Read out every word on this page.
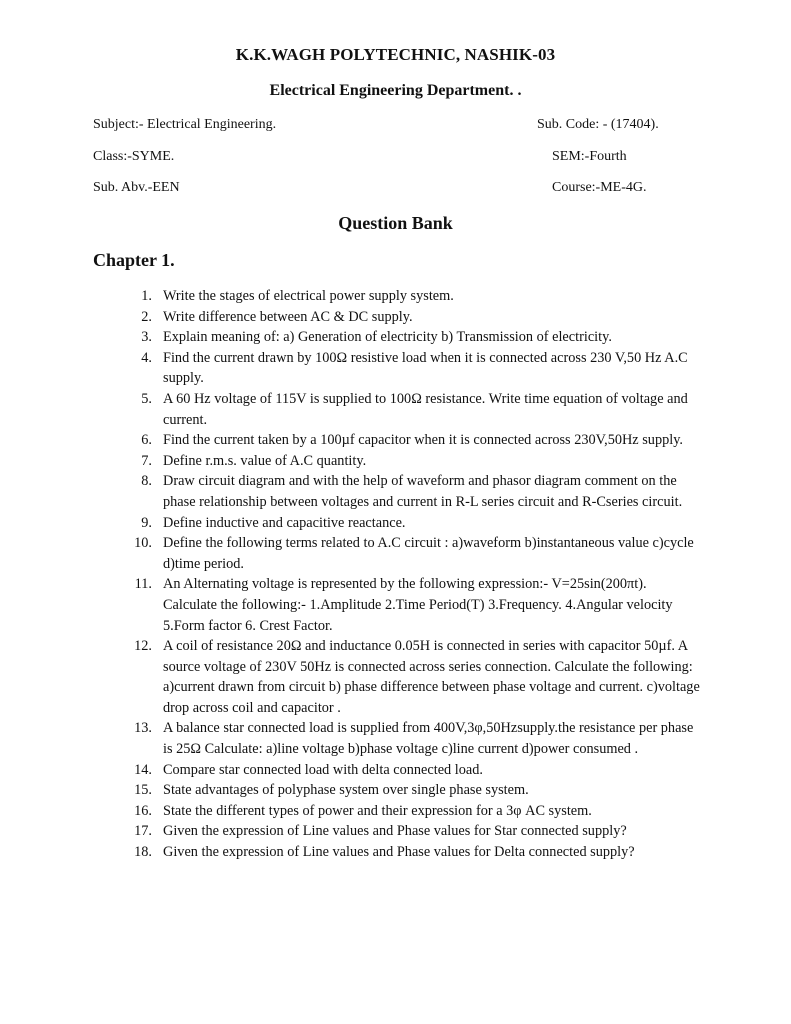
K.K.WAGH POLYTECHNIC, NASHIK-03
Electrical Engineering Department. .
Subject:- Electrical Engineering.	Sub. Code: - (17404).
Class:-SYME.	SEM:-Fourth
Sub. Abv.-EEN	Course:-ME-4G.
Question Bank
Chapter 1.
1. Write the stages of electrical power supply system.
2. Write difference between AC & DC supply.
3. Explain meaning of: a) Generation of electricity b) Transmission of electricity.
4. Find the current drawn by 100Ω resistive load when it is connected across 230 V,50 Hz A.C supply.
5. A 60 Hz voltage of 115V is supplied to 100Ω resistance. Write time equation of voltage and current.
6. Find the current taken by a 100µf capacitor when it is connected across 230V,50Hz supply.
7. Define r.m.s. value of A.C quantity.
8. Draw circuit diagram and with the help of waveform and phasor diagram comment on the phase relationship between voltages and current in R-L series circuit and R-Cseries circuit.
9. Define inductive and capacitive reactance.
10. Define the following terms related to A.C circuit : a)waveform b)instantaneous value c)cycle d)time period.
11. An Alternating voltage is represented by the following expression:- V=25sin(200πt). Calculate the following:- 1.Amplitude 2.Time Period(T) 3.Frequency. 4.Angular velocity 5.Form factor 6. Crest Factor.
12. A coil of resistance 20Ω and inductance 0.05H is connected in series with capacitor 50µf. A source voltage of 230V 50Hz is connected across series connection. Calculate the following: a)current drawn from circuit b) phase difference between phase voltage and current. c)voltage drop across coil and capacitor .
13. A balance star connected load is supplied from 400V,3φ,50Hzsupply.the resistance per phase is 25Ω Calculate: a)line voltage b)phase voltage c)line current d)power consumed .
14. Compare star connected load with delta connected load.
15. State advantages of polyphase system over single phase system.
16. State the different types of power and their expression for a 3φ AC system.
17. Given the expression of Line values and Phase values for Star connected supply?
18. Given the expression of Line values and Phase values for Delta connected supply?
